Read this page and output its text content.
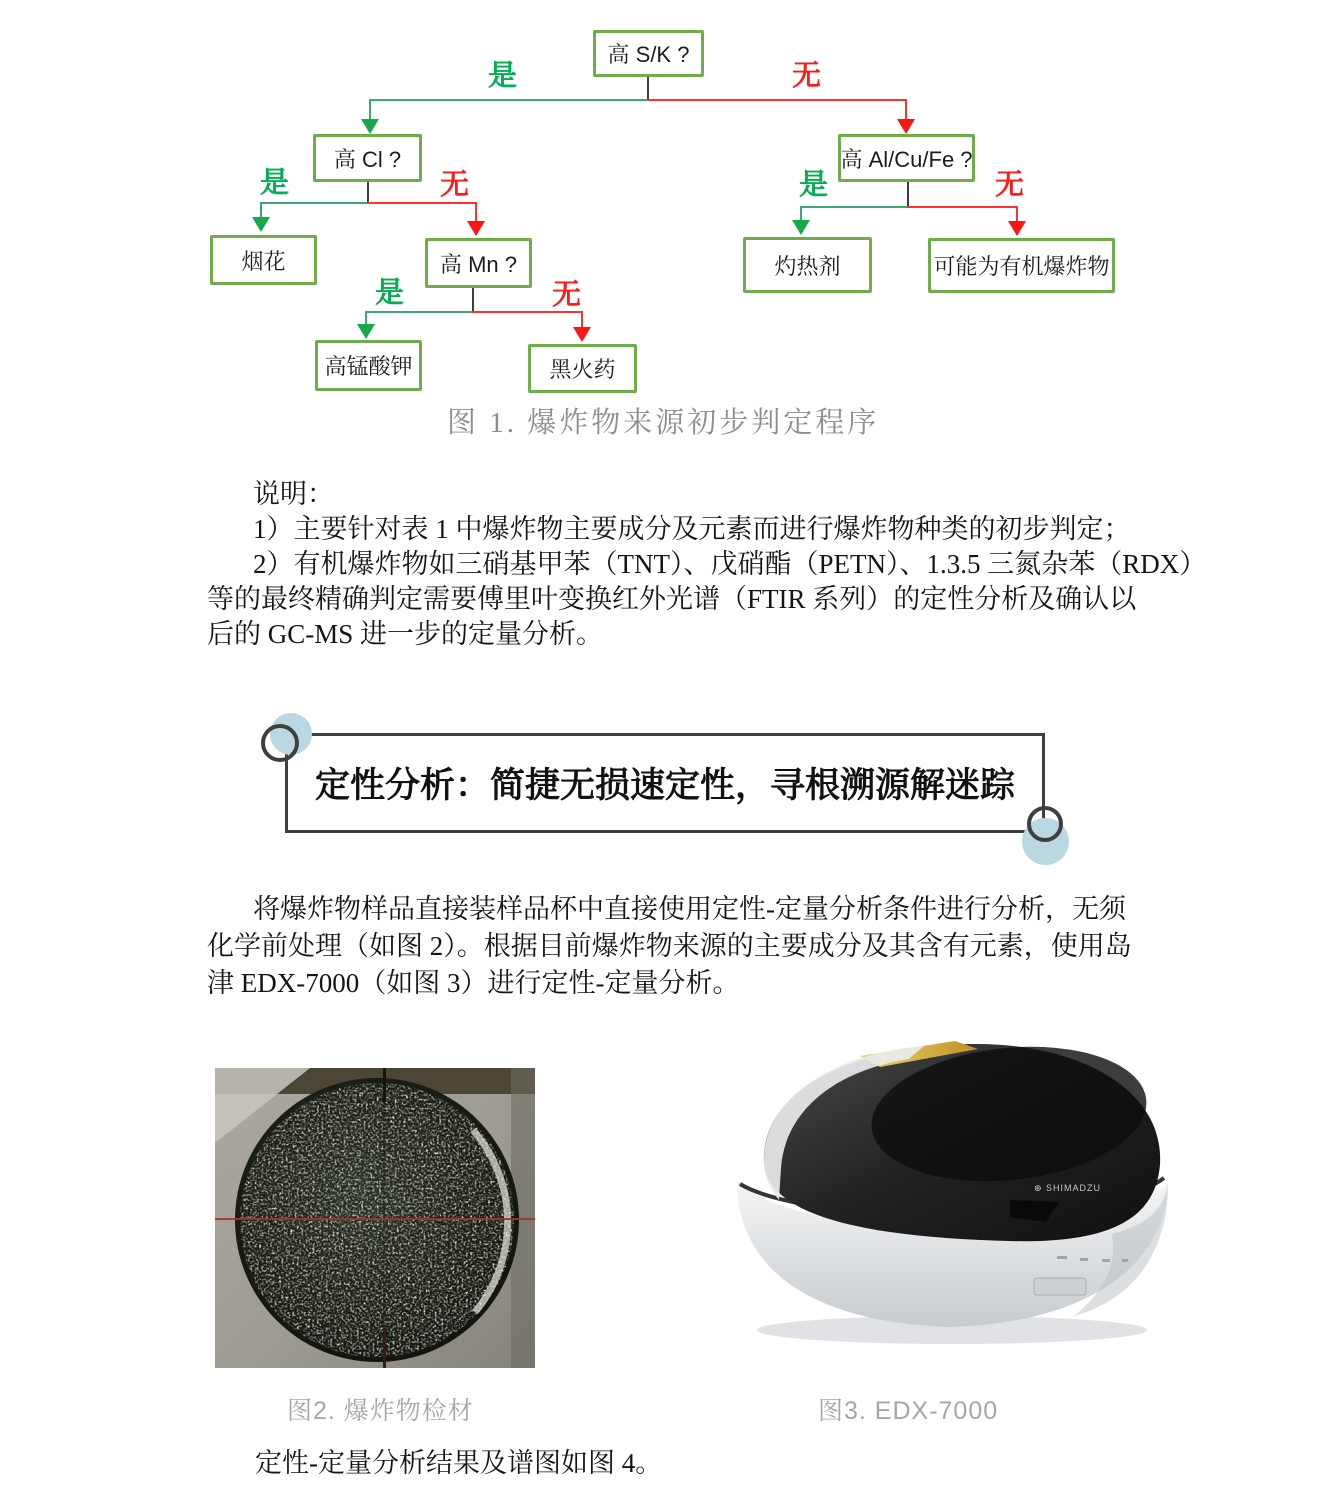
高 S/K ?
高 Cl ?	高 Al/Cu/Fe ?
烟花	高 Mn ?	灼热剂	可能为有机爆炸物
高锰酸钾	黑火药
是	无
是	无
是	无
是	无
图 1. 爆炸物来源初步判定程序
说明：
1）主要针对表 1 中爆炸物主要成分及元素而进行爆炸物种类的初步判定；
2）有机爆炸物如三硝基甲苯（TNT）、戊硝酯（PETN）、1.3.5 三氮杂苯（RDX）
等的最终精确判定需要傅里叶变换红外光谱（FTIR 系列）的定性分析及确认以
后的 GC-MS 进一步的定量分析。
定性分析：简捷无损速定性，寻根溯源解迷踪
将爆炸物样品直接装样品杯中直接使用定性-定量分析条件进行分析，无须
化学前处理（如图 2）。根据目前爆炸物来源的主要成分及其含有元素，使用岛
津 EDX-7000（如图 3）进行定性-定量分析。
⊕ SHIMADZU
图2. 爆炸物检材	图3. EDX-7000
定性-定量分析结果及谱图如图 4。
